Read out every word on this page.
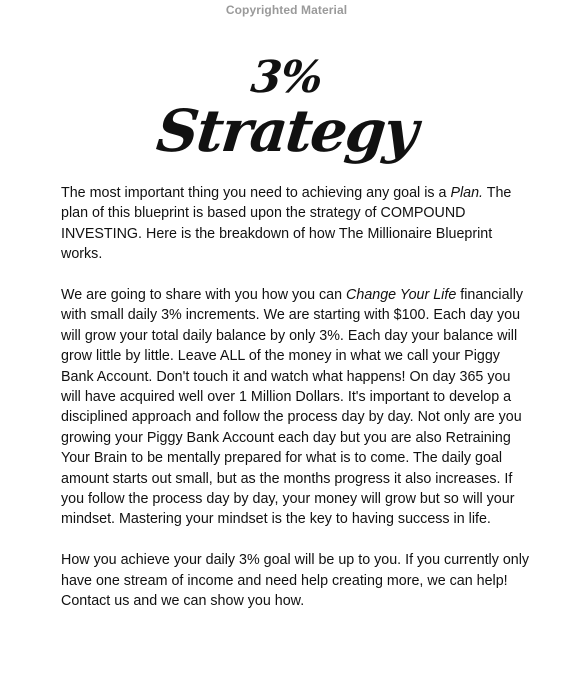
Copyrighted Material
3%
Strategy

The most important thing you need to achieving any goal is a Plan. The plan of this blueprint is based upon the strategy of COMPOUND INVESTING. Here is the breakdown of how The Millionaire Blueprint works.

We are going to share with you how you can Change Your Life financially with small daily 3% increments. We are starting with $100. Each day you will grow your total daily balance by only 3%. Each day your balance will grow little by little. Leave ALL of the money in what we call your Piggy Bank Account. Don't touch it and watch what happens! On day 365 you will have acquired well over 1 Million Dollars. It's important to develop a disciplined approach and follow the process day by day. Not only are you growing your Piggy Bank Account each day but you are also Retraining Your Brain to be mentally prepared for what is to come. The daily goal amount starts out small, but as the months progress it also increases. If you follow the process day by day, your money will grow but so will your mindset. Mastering your mindset is the key to having success in life.

How you achieve your daily 3% goal will be up to you. If you currently only have one stream of income and need help creating more, we can help! Contact us and we can show you how.
